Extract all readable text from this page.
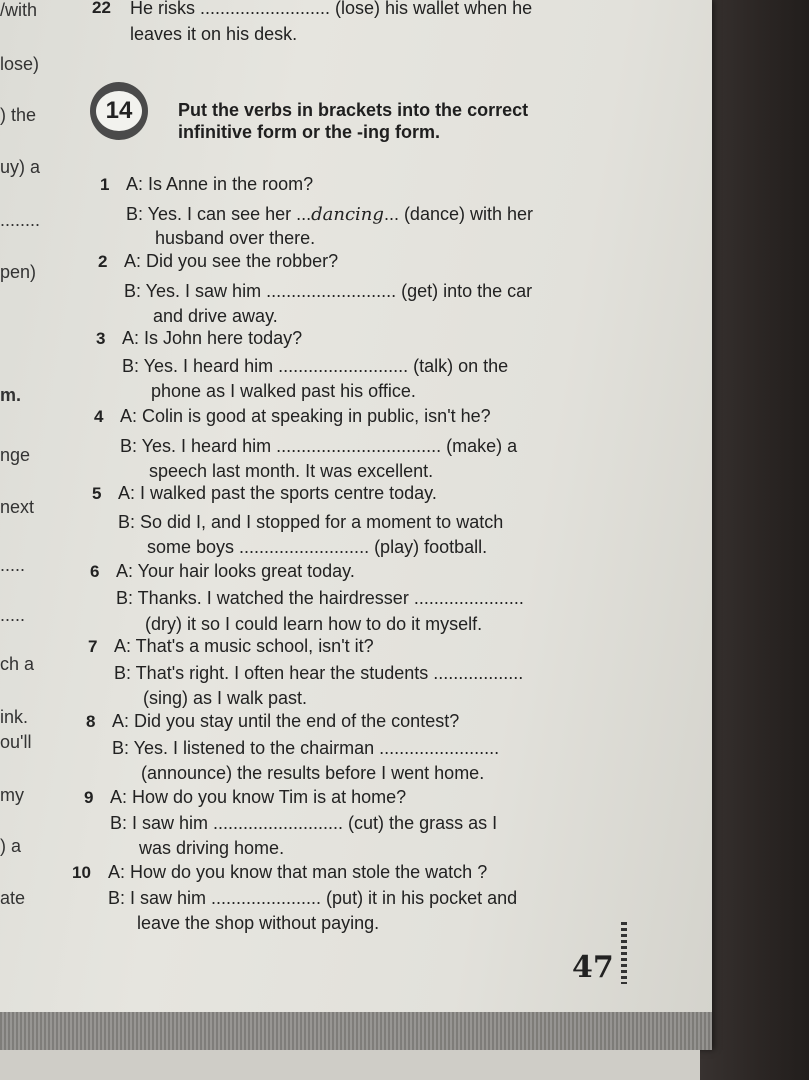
/with
lose)
) the
uy) a
........
pen)
m.
nge
next
.....
.....
ch a
ink.
ou'll
my
) a
ate
22 He risks .......................... (lose) his wallet when he
leaves it on his desk.
14	Put the verbs in brackets into the correct
infinitive form or the -ing form.
1 A: Is Anne in the room?
B: Yes. I can see her ...dancing... (dance) with her
husband over there.
2 A: Did you see the robber?
B: Yes. I saw him .......................... (get) into the car
and drive away.
3 A: Is John here today?
B: Yes. I heard him .......................... (talk) on the
phone as I walked past his office.
4 A: Colin is good at speaking in public, isn't he?
B: Yes. I heard him ................................. (make) a
speech last month. It was excellent.
5 A: I walked past the sports centre today.
B: So did I, and I stopped for a moment to watch
some boys .......................... (play) football.
6 A: Your hair looks great today.
B: Thanks. I watched the hairdresser ......................
(dry) it so I could learn how to do it myself.
7 A: That's a music school, isn't it?
B: That's right. I often hear the students ..................
(sing) as I walk past.
8 A: Did you stay until the end of the contest?
B: Yes. I listened to the chairman ........................
(announce) the results before I went home.
9 A: How do you know Tim is at home?
B: I saw him .......................... (cut) the grass as I
was driving home.
10 A: How do you know that man stole the watch ?
B: I saw him ...................... (put) it in his pocket and
leave the shop without paying.
47
